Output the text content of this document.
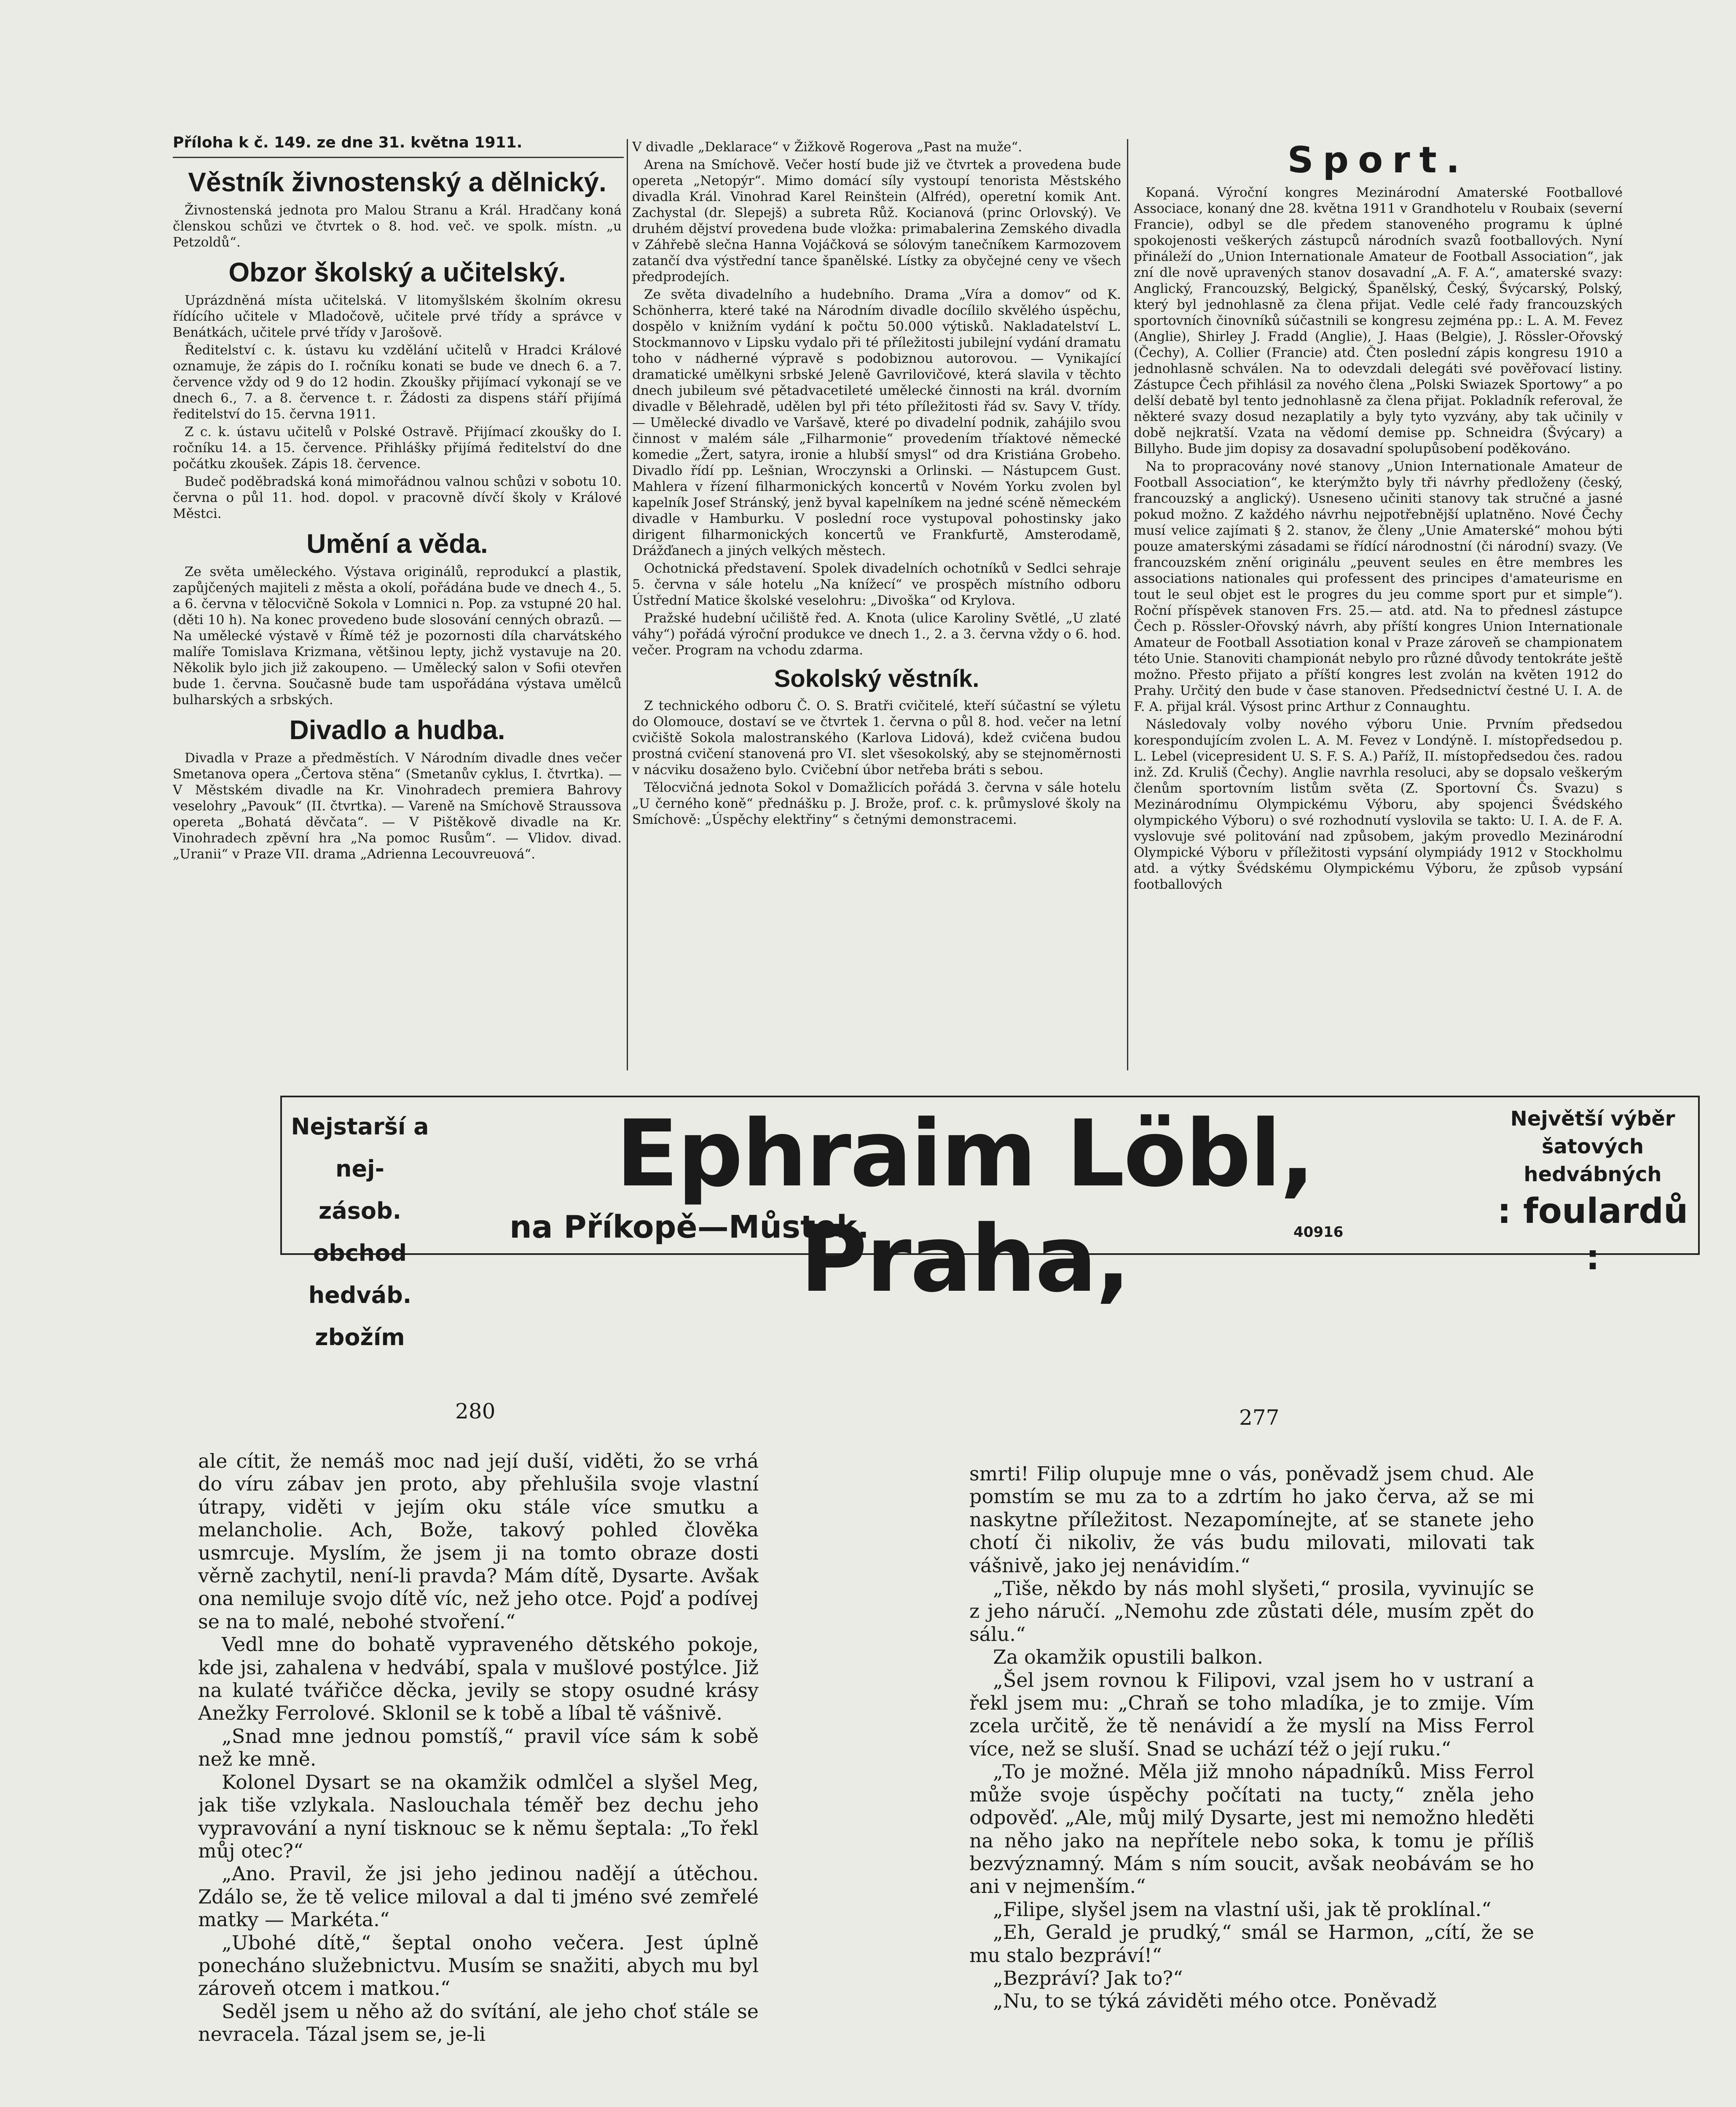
Příloha k č. 149. ze dne 31. května 1911.
Věstník živnostenský a dělnický.

Živnostenská jednota pro Malou Stranu a Král. Hradčany koná členskou schůzi ve čtvrtek o 8. hod. več. ve spolk. místn. „u Petzoldů“.

Obzor školský a učitelský.

Uprázdněná místa učitelská. V litomyšlském školním okresu řídícího učitele v Mladočově, učitele prvé třídy a správce v Benátkách, učitele prvé třídy v Jarošově.

Ředitelství c. k. ústavu ku vzdělání učitelů v Hradci Králové oznamuje, že zápis do I. ročníku konati se bude ve dnech 6. a 7. července vždy od 9 do 12 hodin. Zkoušky přijímací vykonají se ve dnech 6., 7. a 8. července t. r. Žádosti za dispens stáří přijímá ředitelství do 15. června 1911.

Z c. k. ústavu učitelů v Polské Ostravě. Přijímací zkoušky do I. ročníku 14. a 15. července. Přihlášky přijímá ředitelství do dne počátku zkoušek. Zápis 18. července.

Budeč poděbradská koná mimořádnou valnou schůzi v sobotu 10. června o půl 11. hod. dopol. v pracovně dívčí školy v Králové Městci.

Umění a věda.

Ze světa uměleckého. Výstava originálů, reprodukcí a plastik, zapůjčených majiteli z města a okolí, pořádána bude ve dnech 4., 5. a 6. června v tělocvičně Sokola v Lomnici n. Pop. za vstupné 20 hal. (děti 10 h). Na konec provedeno bude slosování cenných obrazů. — Na umělecké výstavě v Římě též je pozornosti díla charvátského malíře Tomislava Krizmana, většinou lepty, jichž vystavuje na 20. Několik bylo jich již zakoupeno. — Umělecký salon v Sofii otevřen bude 1. června. Současně bude tam uspořádána výstava umělců bulharských a srbských.

Divadlo a hudba.

Divadla v Praze a předměstích. V Národním divadle dnes večer Smetanova opera „Čertova stěna“ (Smetanův cyklus, I. čtvrtka). — V Městském divadle na Kr. Vinohradech premiera Bahrovy veselohry „Pavouk“ (II. čtvrtka). — Vareně na Smíchově Straussova opereta „Bohatá děvčata“. — V Pištěkově divadle na Kr. Vinohradech zpěvní hra „Na pomoc Rusům“. — Vlidov. divad. „Uranii“ v Praze VII. drama „Adrienna Lecouvreuová“.

V divadle „Deklarace“ v Žižkově Rogerova „Past na muže“.

Arena na Smíchově. Večer hostí bude již ve čtvrtek a provedena bude opereta „Netopýr“. Mimo domácí síly vystoupí tenorista Městského divadla Král. Vinohrad Karel Reinštein (Alfréd), operetní komik Ant. Zachystal (dr. Slepejš) a subreta Růž. Kocianová (princ Orlovský). Ve druhém dějství provedena bude vložka: primabalerina Zemského divadla v Záhřebě slečna Hanna Vojáčková se sólovým tanečníkem Karmozovem zatančí dva výstřední tance španělské. Lístky za obyčejné ceny ve všech předprodejích.

Ze světa divadelního a hudebního. Drama „Víra a domov“ od K. Schönherra, které také na Národním divadle docílilo skvělého úspěchu, dospělo v knižním vydání k počtu 50.000 výtisků. Nakladatelství L. Stockmannovo v Lipsku vydalo při té příležitosti jubilejní vydání dramatu toho v nádherné výpravě s podobiznou autorovou. — Vynikající dramatické umělkyni srbské Jeleně Gavrilovičové, která slavila v těchto dnech jubileum své pětadvacetileté umělecké činnosti na král. dvorním divadle v Bělehradě, udělen byl při této příležitosti řád sv. Savy V. třídy. — Umělecké divadlo ve Varšavě, které po divadelní podnik, zahájilo svou činnost v malém sále „Filharmonie“ provedením tříaktové německé komedie „Žert, satyra, ironie a hlubší smysl“ od dra Kristiána Grobeho. Divadlo řídí pp. Lešnian, Wroczynski a Orlinski. — Nástupcem Gust. Mahlera v řízení filharmonických koncertů v Novém Yorku zvolen byl kapelník Josef Stránský, jenž byval kapelníkem na jedné scéně německém divadle v Hamburku. V poslední roce vystupoval pohostinsky jako dirigent filharmonických koncertů ve Frankfurtě, Amsterodamě, Drážďanech a jiných velkých městech.

Ochotnická představení. Spolek divadelních ochotníků v Sedlci sehraje 5. června v sále hotelu „Na knížecí“ ve prospěch místního odboru Ústřední Matice školské veselohru: „Divoška“ od Krylova.

Pražské hudební učiliště řed. A. Knota (ulice Karoliny Světlé, „U zlaté váhy“) pořádá výroční produkce ve dnech 1., 2. a 3. června vždy o 6. hod. večer. Program na vchodu zdarma.

Sokolský věstník.

Z technického odboru Č. O. S. Bratři cvičitelé, kteří súčastní se výletu do Olomouce, dostaví se ve čtvrtek 1. června o půl 8. hod. večer na letní cvičiště Sokola malostranského (Karlova Lidová), kdež cvičena budou prostná cvičení stanovená pro VI. slet všesokolský, aby se stejnoměrnosti v nácviku dosaženo bylo. Cvičební úbor netřeba bráti s sebou.

Tělocvičná jednota Sokol v Domažlicích pořádá 3. června v sále hotelu „U černého koně“ přednášku p. J. Brože, prof. c. k. průmyslové školy na Smíchově: „Úspěchy elektřiny“ s četnými demonstracemi.

Sport.

Kopaná. Výroční kongres Mezinárodní Amaterské Footballové Associace, konaný dne 28. května 1911 v Grandhotelu v Roubaix (severní Francie), odbyl se dle předem stanoveného programu k úplné spokojenosti veškerých zástupců národních svazů footballových. Nyní přináleží do „Union Internationale Amateur de Football Association“, jak zní dle nově upravených stanov dosavadní „A. F. A.“, amaterské svazy: Anglický, Francouzský, Belgický, Španělský, Český, Švýcarský, Polský, který byl jednohlasně za člena přijat. Vedle celé řady francouzských sportovních činovníků súčastnili se kongresu zejména pp.: L. A. M. Fevez (Anglie), Shirley J. Fradd (Anglie), J. Haas (Belgie), J. Rössler-Ořovský (Čechy), A. Collier (Francie) atd. Čten poslední zápis kongresu 1910 a jednohlasně schválen. Na to odevzdali delegáti své pověřovací listiny. Zástupce Čech přihlásil za nového člena „Polski Swiazek Sportowy“ a po delší debatě byl tento jednohlasně za člena přijat. Pokladník referoval, že některé svazy dosud nezaplatily a byly tyto vyzvány, aby tak učinily v době nejkratší. Vzata na vědomí demise pp. Schneidra (Švýcary) a Billyho. Bude jim dopisy za dosavadní spolupůsobení poděkováno.

Na to propracovány nové stanovy „Union Internationale Amateur de Football Association“, ke kterýmžto byly tři návrhy předloženy (český, francouzský a anglický). Usneseno učiniti stanovy tak stručné a jasné pokud možno. Z každého návrhu nejpotřebnější uplatněno. Nové Čechy musí velice zajímati § 2. stanov, že členy „Unie Amaterské“ mohou býti pouze amaterskými zásadami se řídící národnostní (či národní) svazy. (Ve francouzském znění originálu „peuvent seules en être membres les associations nationales qui professent des principes d'amateurisme en tout le seul objet est le progres du jeu comme sport pur et simple“). Roční příspěvek stanoven Frs. 25.— atd. atd. Na to přednesl zástupce Čech p. Rössler-Ořovský návrh, aby příští kongres Union Internationale Amateur de Football Assotiation konal v Praze zároveň se championatem této Unie. Stanoviti championát nebylo pro různé důvody tentokráte ještě možno. Přesto přijato a příští kongres lest zvolán na květen 1912 do Prahy. Určitý den bude v čase stanoven. Předsednictví čestné U. I. A. de F. A. přijal král. Výsost princ Arthur z Connaughtu.

Následovaly volby nového výboru Unie. Prvním předsedou korespondujícím zvolen L. A. M. Fevez v Londýně. I. místopředsedou p. L. Lebel (vicepresident U. S. F. S. A.) Paříž, II. místopředsedou čes. radou inž. Zd. Kruliš (Čechy). Anglie navrhla resoluci, aby se dopsalo veškerým členům sportovním listům světa (Z. Sportovní Čs. Svazu) s Mezinárodnímu Olympickému Výboru, aby spojenci Švédského olympického Výboru) o své rozhodnutí vyslovila se takto: U. I. A. de F. A. vyslovuje své politování nad způsobem, jakým provedlo Mezinárodní Olympické Výboru v příležitosti vypsání olympiády 1912 v Stockholmu atd. a výtky Švédskému Olympickému Výboru, že způsob vypsání footballových

Nejstarší a nej-
zásob. obchod
hedváb. zbožím
Ephraim Löbl, Praha,
na Příkopě—Můstek.	40916
Největší výběr
šatových hedvábných
: foulardů :
280

ale cítit, že nemáš moc nad její duší, viděti, žo se vrhá do víru zábav jen proto, aby přehlušila svoje vlastní útrapy, viděti v jejím oku stále více smutku a melancholie. Ach, Bože, takový pohled člověka usmrcuje. Myslím, že jsem ji na tomto obraze dosti věrně zachytil, není-li pravda? Mám dítě, Dysarte. Avšak ona nemiluje svojo dítě víc, než jeho otce. Pojď a podívej se na to malé, nebohé stvoření.“

Vedl mne do bohatě vypraveného dětského pokoje, kde jsi, zahalena v hedvábí, spala v mušlové postýlce. Již na kulaté tvářičce děcka, jevily se stopy osudné krásy Anežky Ferrolové. Sklonil se k tobě a líbal tě vášnivě.

„Snad mne jednou pomstíš,“ pravil více sám k sobě než ke mně.

Kolonel Dysart se na okamžik odmlčel a slyšel Meg, jak tiše vzlykala. Naslouchala téměř bez dechu jeho vypravování a nyní tisknouc se k němu šeptala: „To řekl můj otec?“

„Ano. Pravil, že jsi jeho jedinou nadějí a útěchou. Zdálo se, že tě velice miloval a dal ti jméno své zemřelé matky — Markéta.“

„Ubohé dítě,“ šeptal onoho večera. Jest úplně ponecháno služebnictvu. Musím se snažiti, abych mu byl zároveň otcem i matkou.“

Seděl jsem u něho až do svítání, ale jeho choť stále se nevracela. Tázal jsem se, je-li

277

smrti! Filip olupuje mne o vás, poněvadž jsem chud. Ale pomstím se mu za to a zdrtím ho jako červa, až se mi naskytne příležitost. Nezapomínejte, ať se stanete jeho chotí či nikoliv, že vás budu milovati, milovati tak vášnivě, jako jej nenávidím.“

„Tiše, někdo by nás mohl slyšeti,“ prosila, vyvinujíc se z jeho náručí. „Nemohu zde zůstati déle, musím zpět do sálu.“

Za okamžik opustili balkon.

„Šel jsem rovnou k Filipovi, vzal jsem ho v ustraní a řekl jsem mu: „Chraň se toho mladíka, je to zmije. Vím zcela určitě, že tě nenávidí a že myslí na Miss Ferrol více, než se sluší. Snad se uchází též o její ruku.“

„To je možné. Měla již mnoho nápadníků. Miss Ferrol může svoje úspěchy počítati na tucty,“ zněla jeho odpověď. „Ale, můj milý Dysarte, jest mi nemožno hleděti na něho jako na nepřítele nebo soka, k tomu je příliš bezvýznamný. Mám s ním soucit, avšak neobávám se ho ani v nejmenším.“

„Filipe, slyšel jsem na vlastní uši, jak tě proklínal.“

„Eh, Gerald je prudký,“ smál se Harmon, „cítí, že se mu stalo bezpráví!“

„Bezpráví? Jak to?“

„Nu, to se týká záviděti mého otce. Poněvadž
